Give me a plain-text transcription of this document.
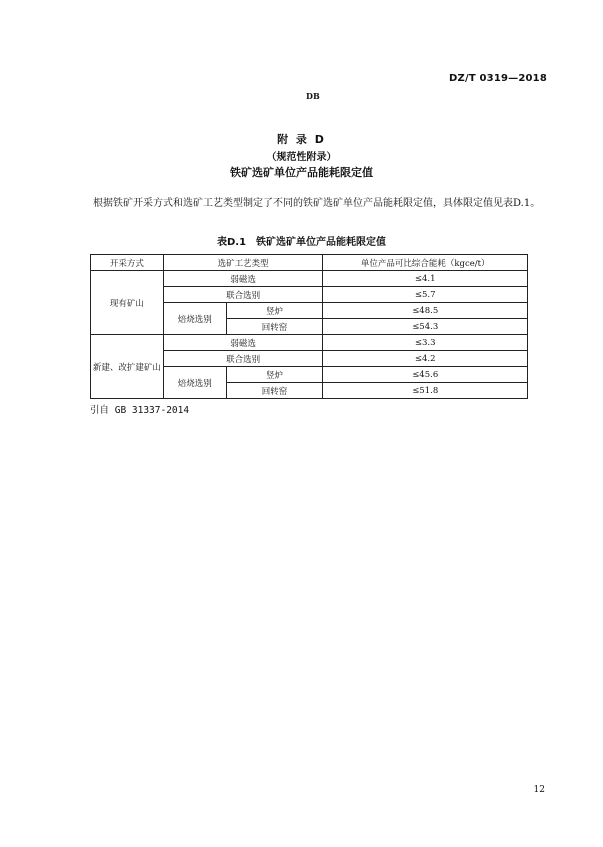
DZ/T 0319—2018
DB
附 录 D
（规范性附录）
铁矿选矿单位产品能耗限定值
根据铁矿开采方式和选矿工艺类型制定了不同的铁矿选矿单位产品能耗限定值，具体限定值见表D.1。
表D.1　铁矿选矿单位产品能耗限定值
开采方式	选矿工艺类型		单位产品可比综合能耗（kgce/t）
现有矿山	弱磁选		≤4.1
	联合选别		≤5.7
	焙烧选别	竖炉	≤48.5
		回转窑	≤54.3
新建、改扩建矿山	弱磁选		≤3.3
	联合选别		≤4.2
	焙烧选别	竖炉	≤45.6
		回转窑	≤51.8
引自 GB 31337-2014
12
